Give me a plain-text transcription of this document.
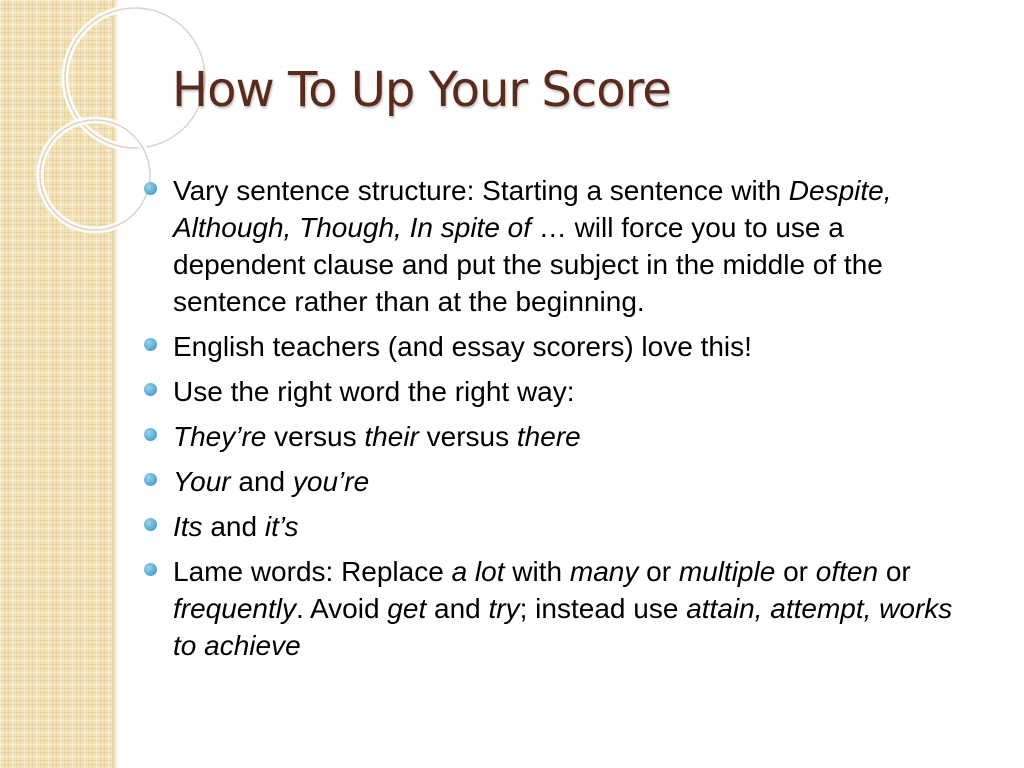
How To Up Your Score
Vary sentence structure: Starting a sentence with Despite, Although, Though, In spite of … will force you to use a dependent clause and put the subject in the middle of the sentence rather than at the beginning.
English teachers (and essay scorers) love this!
Use the right word the right way:
They’re versus their versus there
Your and you’re
Its and it’s
Lame words: Replace a lot with many or multiple or often or frequently. Avoid get and try; instead use attain, attempt, works to achieve
